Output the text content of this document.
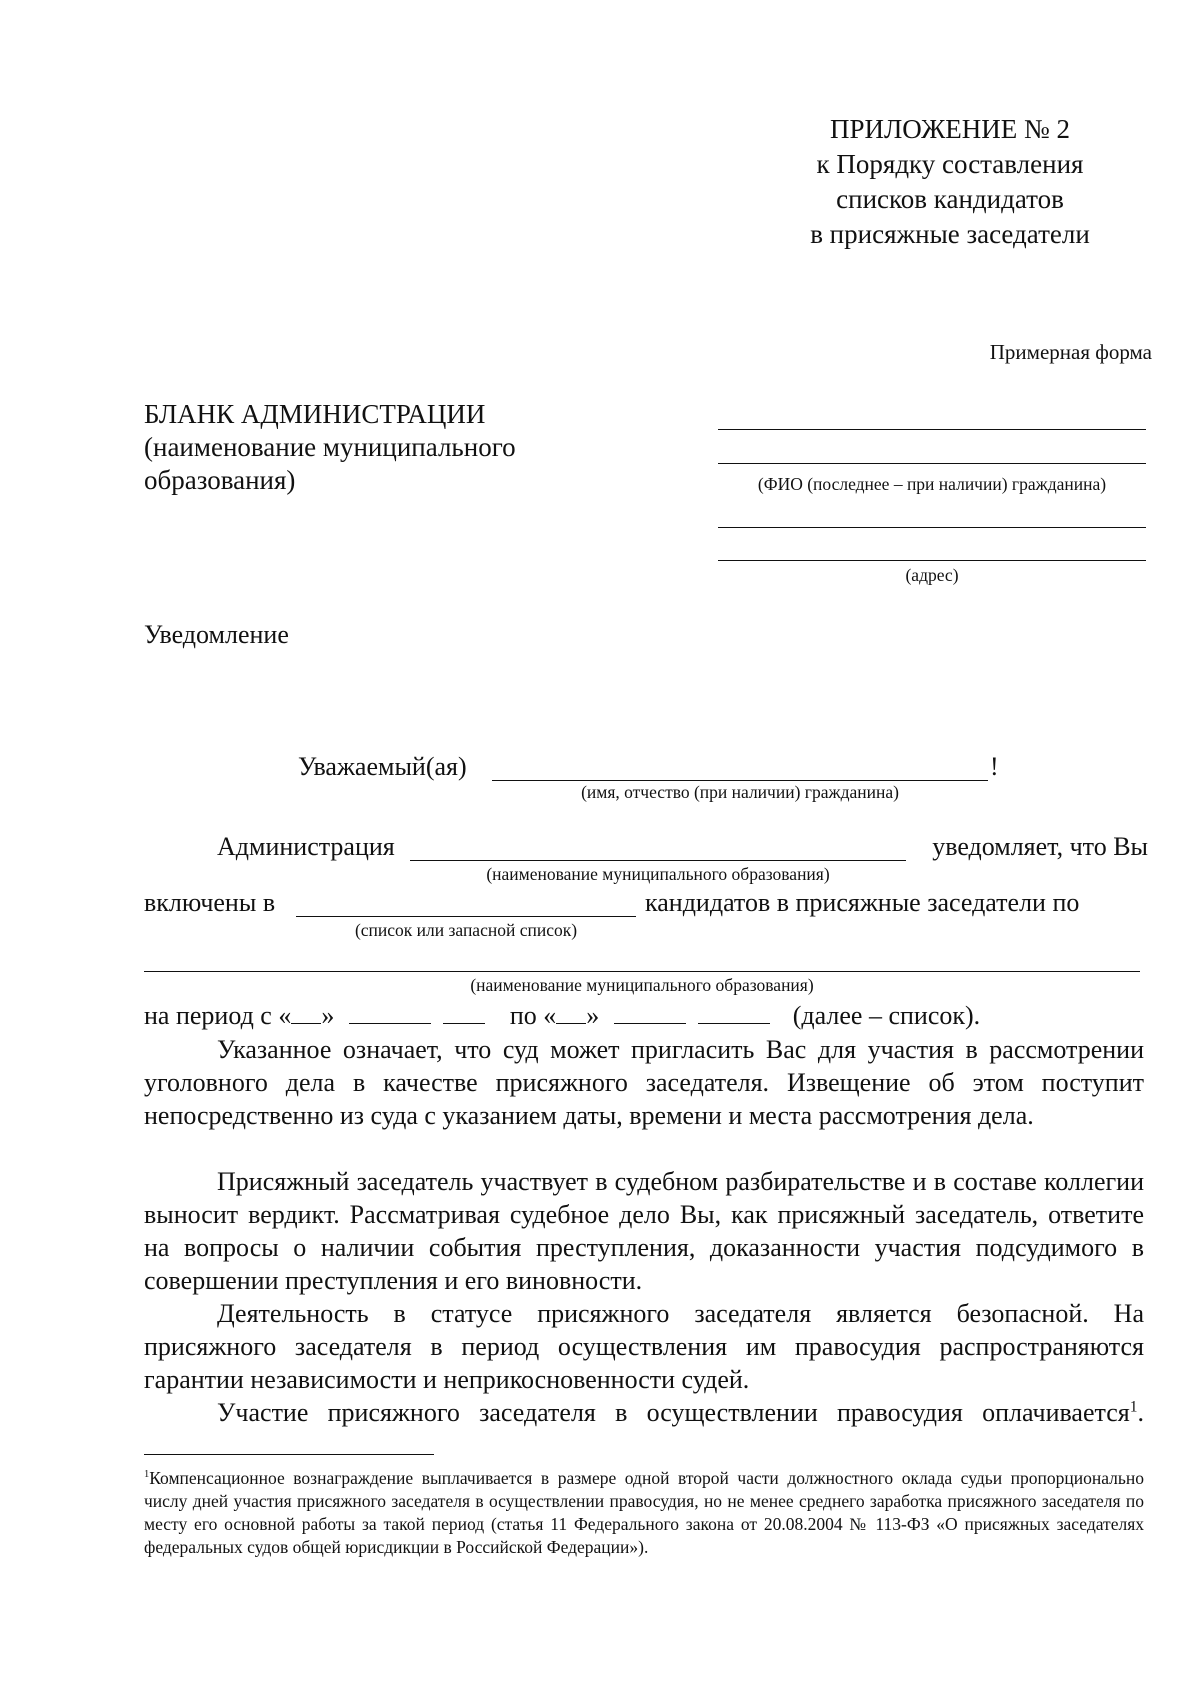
ПРИЛОЖЕНИЕ № 2
к Порядку составления
списков кандидатов
в присяжные заседатели
Примерная форма
БЛАНК АДМИНИСТРАЦИИ
(наименование муниципального
образования)	(ФИО (последнее – при наличии) гражданина)
(адрес)
Уведомление
Уважаемый(ая)	!
(имя, отчество (при наличии) гражданина)
Администрация	уведомляет, что Вы
(наименование муниципального образования)
включены в	кандидатов в присяжные заседатели по
(список или запасной список)
(наименование муниципального образования)
на период с « »	по « »	(далее – список).
Указанное означает, что суд может пригласить Вас для участия в рассмотрении уголовного дела в качестве присяжного заседателя. Извещение об этом поступит непосредственно из суда с указанием даты, времени и места рассмотрения дела.
Присяжный заседатель участвует в судебном разбирательстве и в составе коллегии выносит вердикт. Рассматривая судебное дело Вы, как присяжный заседатель, ответите на вопросы о наличии события преступления, доказанности участия подсудимого в совершении преступления и его виновности.
Деятельность в статусе присяжного заседателя является безопасной. На присяжного заседателя в период осуществления им правосудия распространяются гарантии независимости и неприкосновенности судей.
Участие присяжного заседателя в осуществлении правосудия оплачивается$^1$.
$^1$Компенсационное вознаграждение выплачивается в размере одной второй части должностного оклада судьи пропорционально числу дней участия присяжного заседателя в осуществлении правосудия, но не менее среднего заработка присяжного заседателя по месту его основной работы за такой период (статья 11 Федерального закона от 20.08.2004 № 113-ФЗ «О присяжных заседателях федеральных судов общей юрисдикции в Российской Федерации»).
